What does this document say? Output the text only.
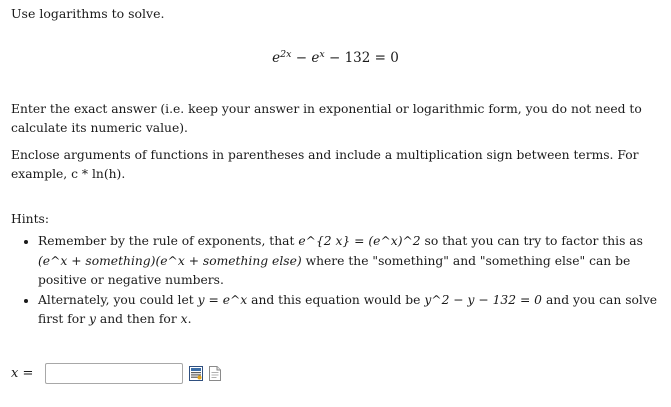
Use logarithms to solve.

$e^{2x} - e^x - 132 = 0$

Enter the exact answer (i.e. keep your answer in exponential or logarithmic form, you do not need to calculate its numeric value).

Enclose arguments of functions in parentheses and include a multiplication sign between terms. For example, c * ln(h).

Hints:
• Remember by the rule of exponents, that e^{2 x} = (e^x)^2 so that you can try to factor this as (e^x + something)(e^x + something else) where the "something" and "something else" can be positive or negative numbers.
• Alternately, you could let y = e^x and this equation would be y^2 − y − 132 = 0 and you can solve first for y and then for x.
x =
